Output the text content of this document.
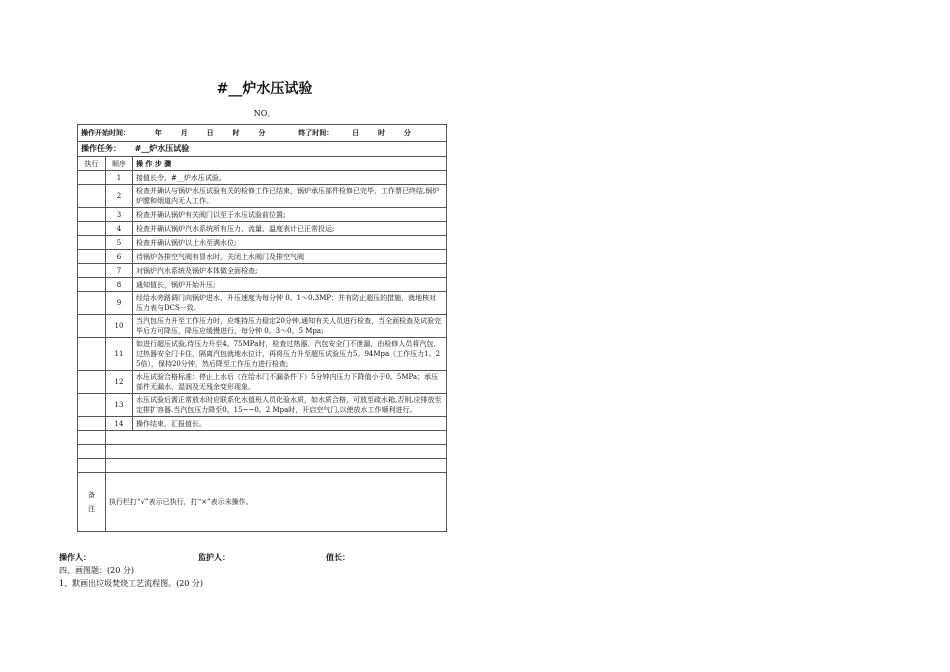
#__炉水压试验
NO。
操作开始时间： 年 月 日 时 分 终了时间： 日 时 分		
操作任务： #__炉水压试验		
执行	顺序	操 作 步 骤
	1	接值长令，#__炉水压试验。
	2	检查并确认与锅炉水压试验有关的检修工作已结束，锅炉承压部件检修已完毕，工作票已终结,锅炉炉膛和烟道内无人工作。
	3	检查并确认锅炉有关阀门以至于水压试验前位置;
	4	检查并确认锅炉汽水系统所有压力、流量、温度表计已正常投运;
	5	检查并确认锅炉以上水至满水位;
	6	待锅炉各排空气阀有冒水时，关闭上水阀门及排空气阀
	7	对锅炉汽水系统及锅炉本体做全面检查;
	8	通知值长，锅炉开始升压;
	9	经给水旁路调门向锅炉进水，升压速度为每分钟 0。1～0.3MP；并有防止超压的措施，就地核对压力表与DCS一致.
	10	当汽包压力升至工作压力时，应维持压力稳定20分钟,通知有关人员进行检查，当全面检查及试验完毕后方可降压，降压应缓慢进行，每分钟 0。3～0。5 Mpa;
	11	如进行超压试验,待压力升至4。75MPa时，检查过热器、汽包安全门不泄漏，由检修人员将汽包、过热器安全门卡住，隔离汽包就地水位计，再将压力升至超压试验压力5。94Mpa（工作压力1。25倍），保持20分钟，然后降至工作压力进行检查;
	12	水压试验合格标准：停止上水后（在给水门不漏条件下）5分钟内压力下降值小于0。5MPa；承压部件无漏水、湿润及无残余变形现象。
	13	水压试验后需正常放水时应联系化水值班人员化验水质，如水质合格，可放至疏水箱,否则,应排放至定排扩容器.当汽包压力降至0。15~~0。2 Mpa时，开启空气门,以使放水工作顺利进行。
	14	操作结束，汇报值长。

备
注	执行栏打“√”表示已执行，打“×”表示未操作。	
操作人：	监护人：	值长：
四、画图题：(20 分)
1、默画出垃圾焚烧工艺流程图。(20 分)
